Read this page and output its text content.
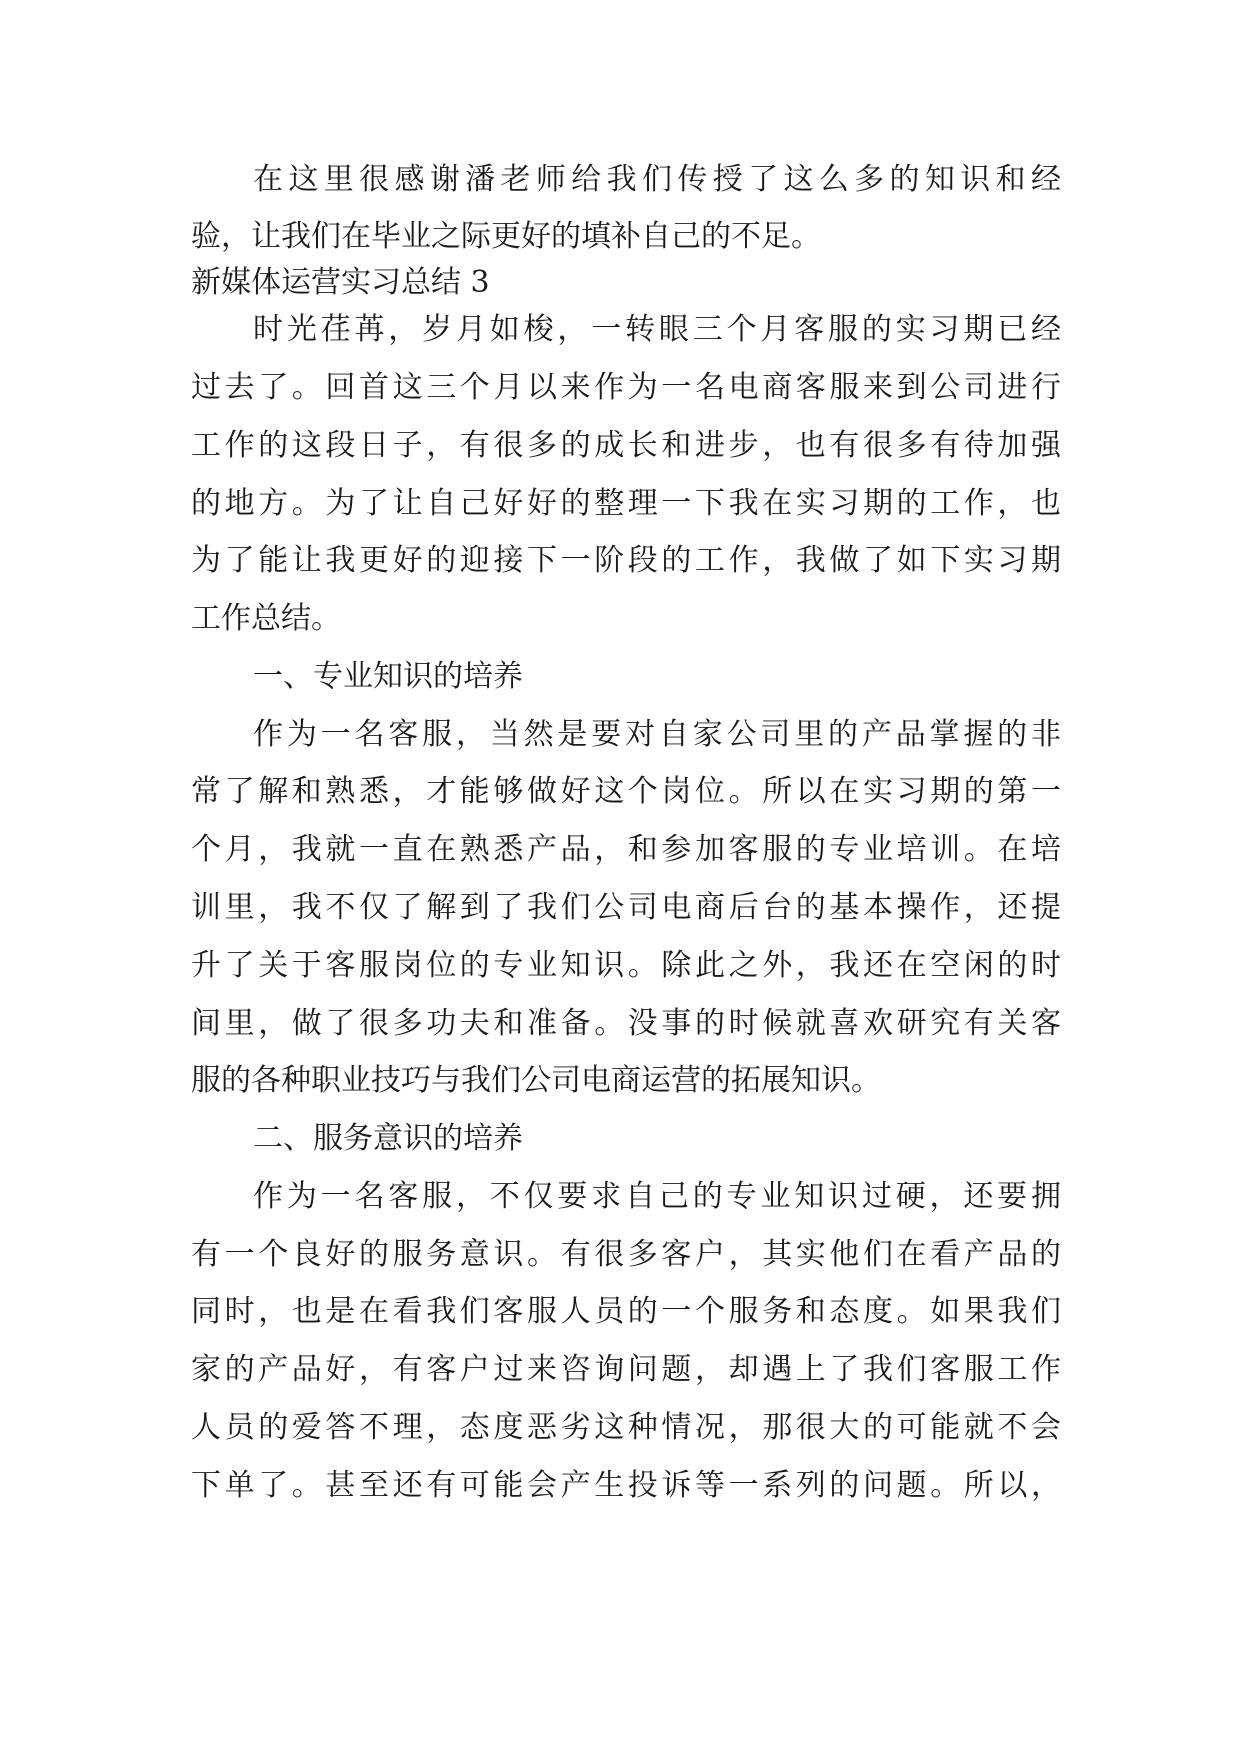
在这里很感谢潘老师给我们传授了这么多的知识和经
验，让我们在毕业之际更好的填补自己的不足。
新媒体运营实习总结 3
时光荏苒，岁月如梭，一转眼三个月客服的实习期已经
过去了。回首这三个月以来作为一名电商客服来到公司进行
工作的这段日子，有很多的成长和进步，也有很多有待加强
的地方。为了让自己好好的整理一下我在实习期的工作，也
为了能让我更好的迎接下一阶段的工作，我做了如下实习期
工作总结。
一、专业知识的培养
作为一名客服，当然是要对自家公司里的产品掌握的非
常了解和熟悉，才能够做好这个岗位。所以在实习期的第一
个月，我就一直在熟悉产品，和参加客服的专业培训。在培
训里，我不仅了解到了我们公司电商后台的基本操作，还提
升了关于客服岗位的专业知识。除此之外，我还在空闲的时
间里，做了很多功夫和准备。没事的时候就喜欢研究有关客
服的各种职业技巧与我们公司电商运营的拓展知识。
二、服务意识的培养
作为一名客服，不仅要求自己的专业知识过硬，还要拥
有一个良好的服务意识。有很多客户，其实他们在看产品的
同时，也是在看我们客服人员的一个服务和态度。如果我们
家的产品好，有客户过来咨询问题，却遇上了我们客服工作
人员的爱答不理，态度恶劣这种情况，那很大的可能就不会
下单了。甚至还有可能会产生投诉等一系列的问题。所以，
